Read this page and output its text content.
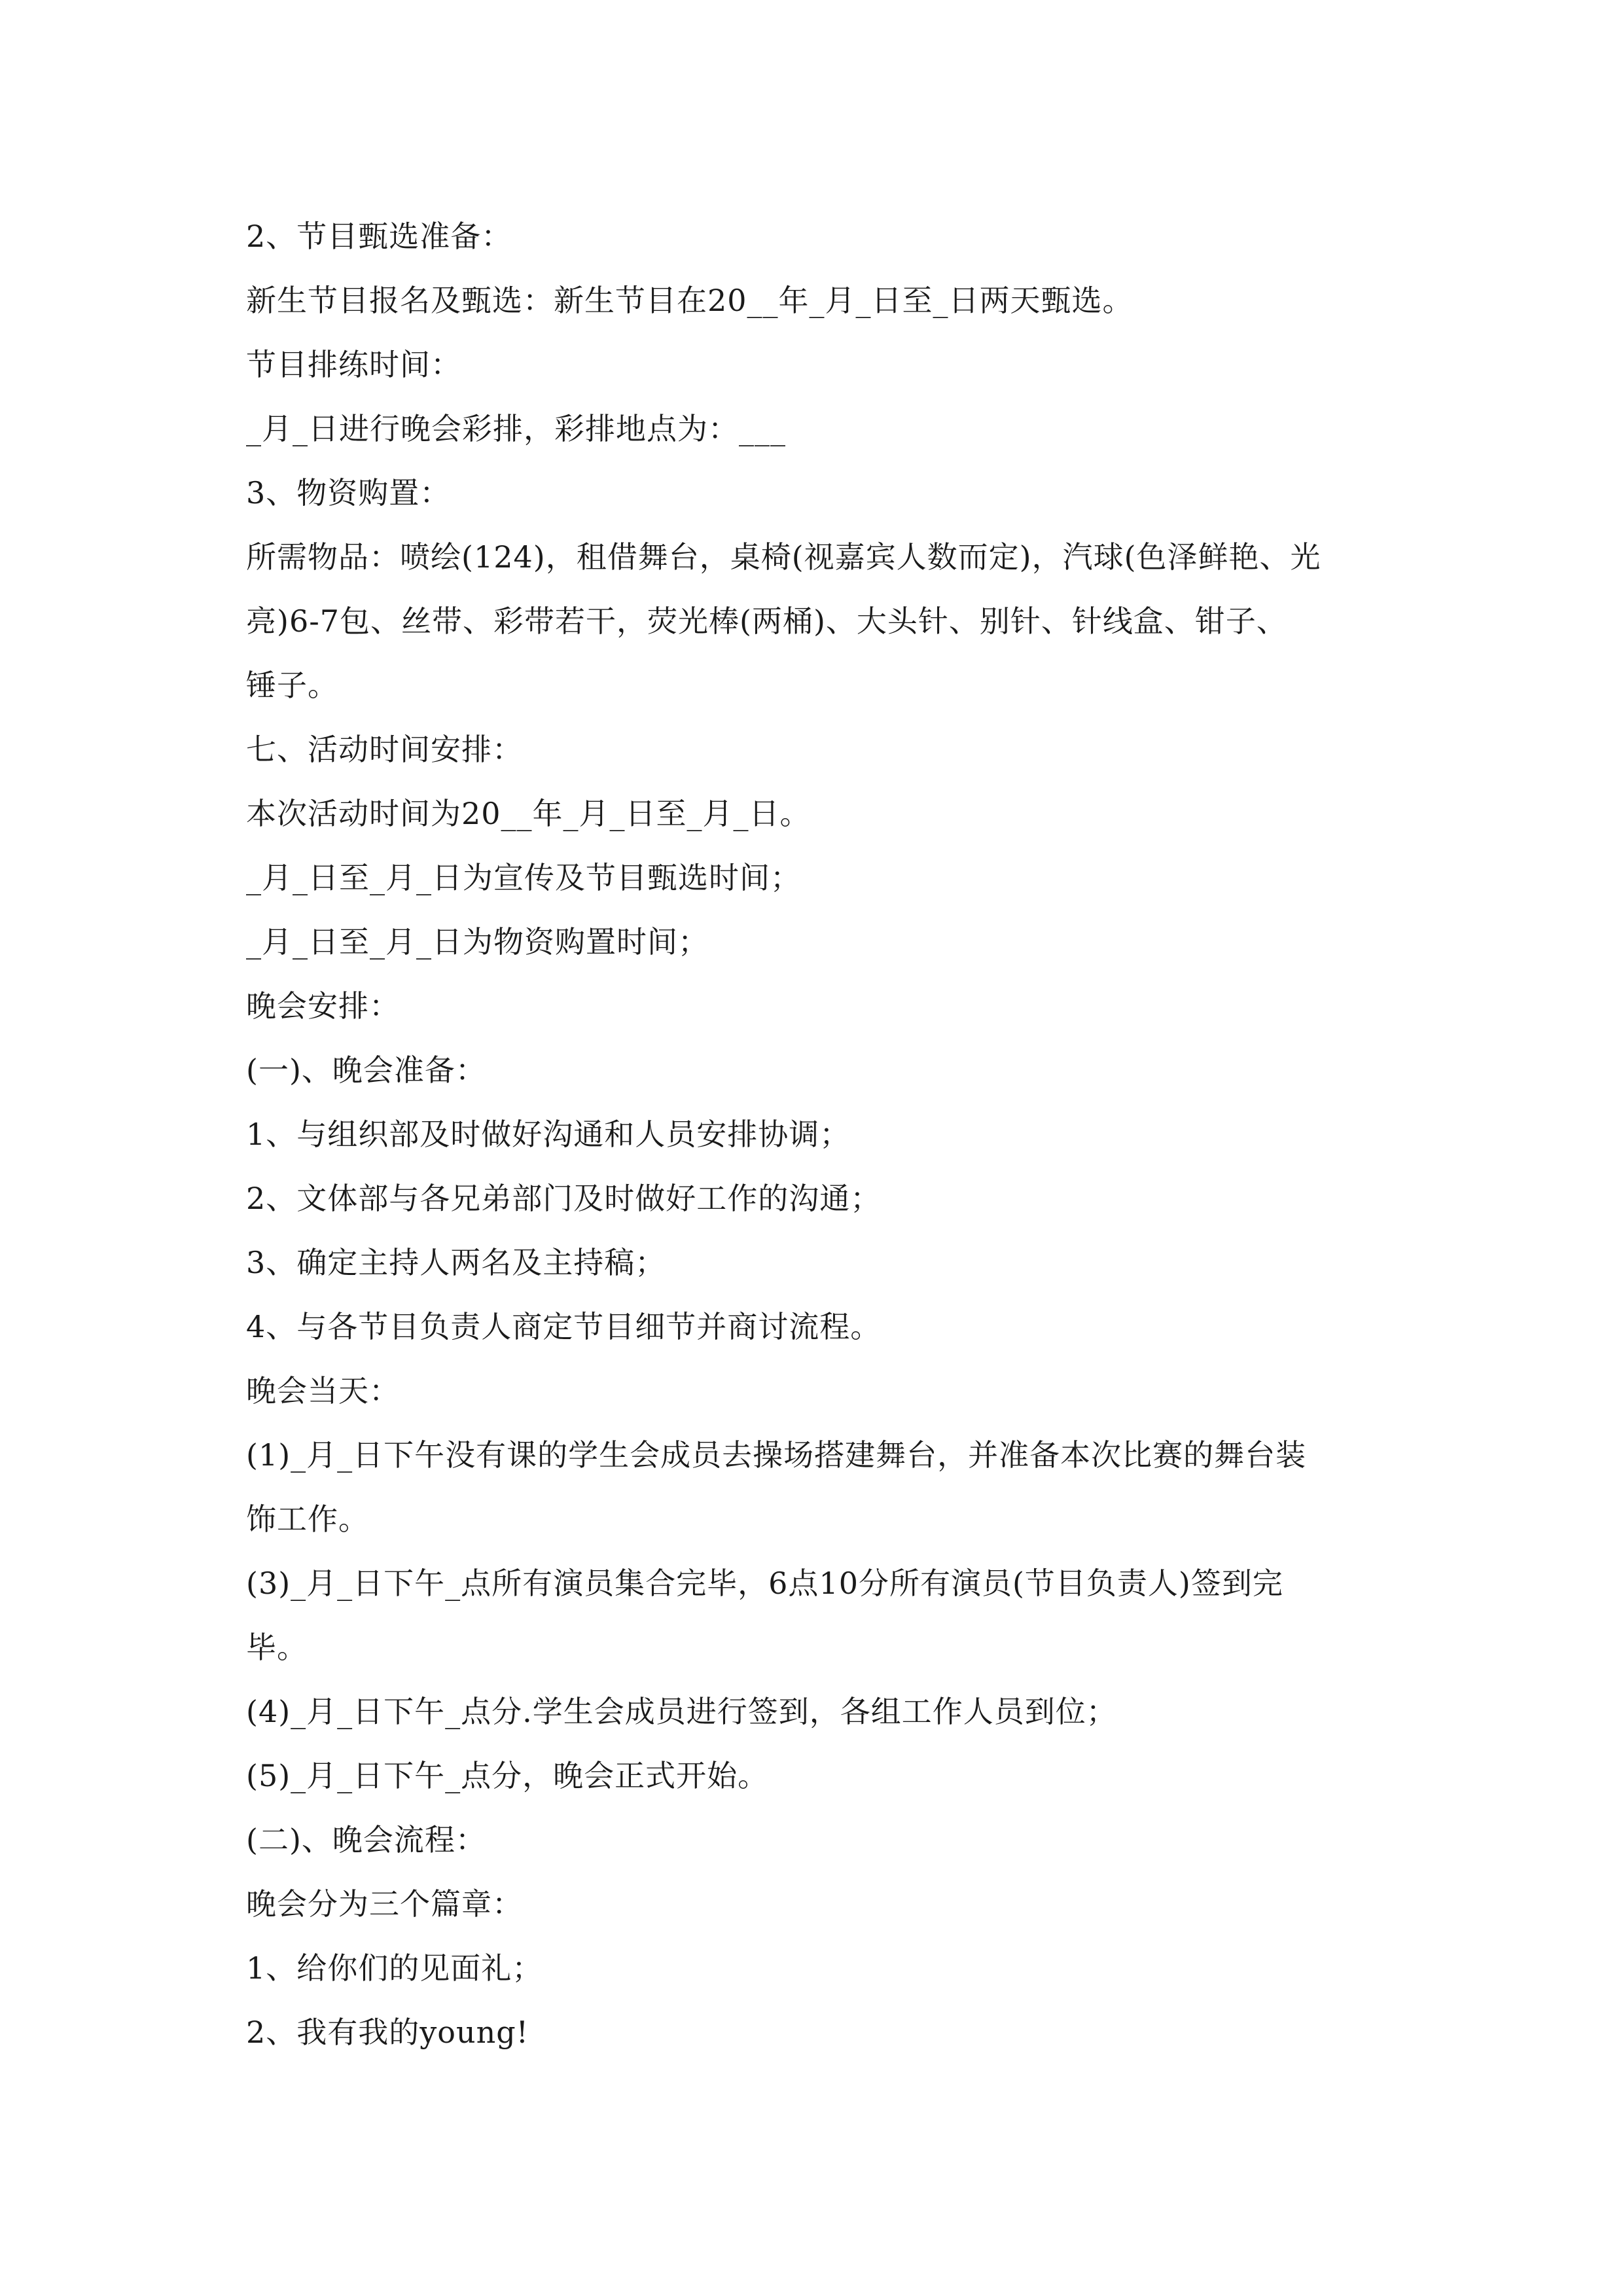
2、节目甄选准备：
新生节目报名及甄选：新生节目在20__年_月_日至_日两天甄选。
节目排练时间：
_月_日进行晚会彩排，彩排地点为：___
3、物资购置：
所需物品：喷绘(124)，租借舞台，桌椅(视嘉宾人数而定)，汽球(色泽鲜艳、光
亮)6-7包、丝带、彩带若干，荧光棒(两桶)、大头针、别针、针线盒、钳子、
锤子。
七、活动时间安排：
本次活动时间为20__年_月_日至_月_日。
_月_日至_月_日为宣传及节目甄选时间；
_月_日至_月_日为物资购置时间；
晚会安排：
(一)、晚会准备：
1、与组织部及时做好沟通和人员安排协调；
2、文体部与各兄弟部门及时做好工作的沟通；
3、确定主持人两名及主持稿；
4、与各节目负责人商定节目细节并商讨流程。
晚会当天：
(1)_月_日下午没有课的学生会成员去操场搭建舞台，并准备本次比赛的舞台装
饰工作。
(3)_月_日下午_点所有演员集合完毕，6点10分所有演员(节目负责人)签到完
毕。
(4)_月_日下午_点分.学生会成员进行签到，各组工作人员到位；
(5)_月_日下午_点分，晚会正式开始。
(二)、晚会流程：
晚会分为三个篇章：
1、给你们的见面礼；
2、我有我的young!
